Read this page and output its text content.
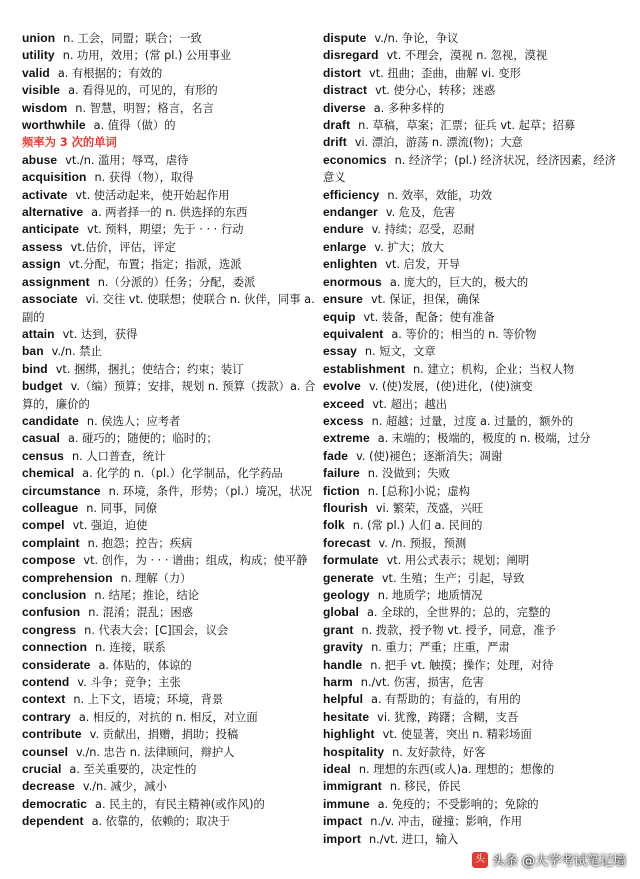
union n. 工会，同盟；联合；一致

utility n. 功用，效用；(常 pl.) 公用事业

valid a. 有根据的；有效的

visible a. 看得见的，可见的，有形的

wisdom n. 智慧，明智；格言，名言

worthwhile a. 值得（做）的

频率为 3 次的单词

abuse vt./n. 滥用；辱骂，虐待

acquisition n. 获得（物），取得

activate vt. 使活动起来，使开始起作用

alternative a. 两者择一的 n. 供选择的东西

anticipate vt. 预料，期望；先于 · · · 行动

assess vt.估价，评估，评定

assign vt.分配，布置；指定；指派，选派

assignment n.（分派的）任务；分配，委派

associate vi. 交往 vt. 使联想；使联合 n. 伙伴，同事 a. 副的

attain vt. 达到，获得

ban v./n. 禁止

bind vt. 捆绑，捆扎；使结合；约束；装订

budget v.（编）预算；安排，规划 n. 预算（拨款）a. 合算的，廉价的

candidate n. 侯选人；应考者

casual a. 碰巧的；随便的；临时的；

census n. 人口普查，统计

chemical a. 化学的 n.（pl.）化学制品，化学药品

circumstance n. 环境，条件，形势；（pl.）境况，状况

colleague n. 同事，同僚

compel vt. 强迫，迫使

complaint n. 抱怨；控告；疾病

compose vt. 创作，为 · · · 谱曲；组成，构成；使平静

comprehension n. 理解（力）

conclusion n. 结尾；推论，结论

confusion n. 混淆；混乱；困惑

congress n. 代表大会；[C]国会，议会

connection n. 连接，联系

considerate a. 体贴的，体谅的

contend v. 斗争；竞争；主张

context n. 上下文，语境；环境，背景

contrary a. 相反的，对抗的 n. 相反，对立面

contribute v. 贡献出，捐赠，捐助；投稿

counsel v./n. 忠告 n. 法律顾问，辩护人

crucial a. 至关重要的，决定性的

decrease v./n. 减少，减小

democratic a. 民主的，有民主精神(或作风)的

dependent a. 依靠的，依赖的；取决于

dispute v./n. 争论，争议

disregard vt. 不理会，漠视 n. 忽视，漠视

distort vt. 扭曲；歪曲，曲解 vi. 变形

distract vt. 使分心，转移；迷惑

diverse a. 多种多样的

draft n. 草稿，草案；汇票；征兵 vt. 起草；招募

drift vi. 漂泊，游荡 n. 漂流(物)；大意

economics n. 经济学；(pl.) 经济状况，经济因素，经济意义

efficiency n. 效率，效能，功效

endanger v. 危及，危害

endure v. 持续；忍受，忍耐

enlarge v. 扩大；放大

enlighten vt. 启发，开导

enormous a. 庞大的，巨大的，极大的

ensure vt. 保证，担保，确保

equip vt. 装备，配备；使有准备

equivalent a. 等价的；相当的 n. 等价物

essay n. 短文，文章

establishment n. 建立；机构，企业；当权人物

evolve v. (使)发展，(使)进化，(使)演变

exceed vt. 超出；越出

excess n. 超越；过量，过度 a. 过量的，额外的

extreme a. 末端的；极端的，极度的 n. 极端，过分

fade v. (使)褪色；逐渐消失；凋谢

failure n. 没做到；失败

fiction n. [总称]小说；虚构

flourish vi. 繁荣，茂盛，兴旺

folk n. (常 pl.) 人们 a. 民间的

forecast v. /n. 预报，预测

formulate vt. 用公式表示；规划；阐明

generate vt. 生殖；生产；引起，导致

geology n. 地质学；地质情况

global a. 全球的，全世界的；总的，完整的

grant n. 拨款，授予物 vt. 授予，同意，准予

gravity n. 重力；严重；庄重，严肃

handle n. 把手 vt. 触摸；操作；处理，对待

harm n./vt. 伤害，损害，危害

helpful a. 有帮助的；有益的，有用的

hesitate vi. 犹豫，踌躇；含糊，支吾

highlight vt. 使显著，突出 n. 精彩场面

hospitality n. 友好款待，好客

ideal n. 理想的东西(或人)a. 理想的；想像的

immigrant n. 移民，侨民

immune a. 免疫的；不受影响的；免除的

impact n./v. 冲击，碰撞；影响，作用

import n./vt. 进口，输入

头 头条 @大学考试笔记墙
